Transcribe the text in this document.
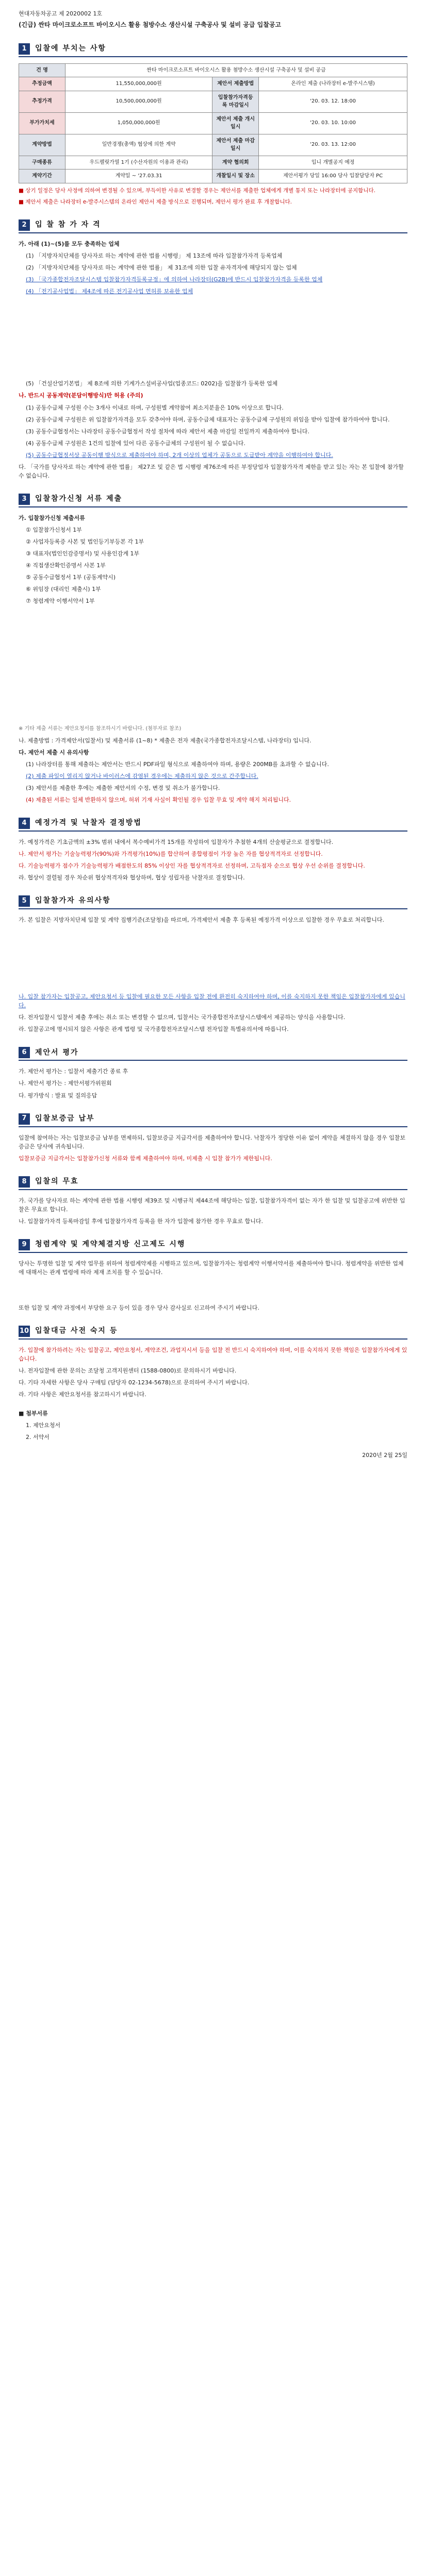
현대자동차공고 제 2020002 1호
(긴급) 싼타 마이크로소프트 바이오시스 활용 첨방수소 생산시설 구축공사 및 설비 공급 입찰공고
1	입찰에 부치는 사항
건 명	싼타 마이크로소프트 바이오시스 활용 첨방수소 생산시설 구축공사 및 설비 공급		
추정금액	11,550,000,000원	제안서 제출방법	온라인 제출 (나라장터 e-발주시스템)
추정가격	10,500,000,000원	입찰참가자격등록 마감일시	'20. 03. 12. 18:00
부가가치세	1,050,000,000원	제안서 제출 개시일시	'20. 03. 10. 10:00
계약방법	일반경쟁(총액) 협상에 의한 계약	제안서 제출 마감일시	'20. 03. 13. 12:00
구매종류	우드펠릿가열 1기 (수산자원의 이용과 관리)	계약 협의회	입니 개별공지 예정
계약기간	계약일 ~ '27.03.31	개찰일시 및 장소	제안서평가 당일 16:00 당사 입찰담당자 PC
■ 상기 일정은 당사 사정에 의하여 변경될 수 있으며, 부득이한 사유로 변경할 경우는 제안서를 제출한 업체에게 개별 통지 또는 나라장터에 공지합니다.
■ 제안서 제출은 나라장터 e-발주시스템의 온라인 제안서 제출 방식으로 진행되며, 제안서 평가 완료 후 개찰합니다.
2	입 찰 참 가 자 격
가. 아래 (1)~(5)를 모두 충족하는 업체
(1) 「지방자치단체를 당사자로 하는 계약에 관한 법률 시행령」 제 13조에 따라 입찰참가자격 등록업체
(2) 「지방자치단체를 당사자로 하는 계약에 관한 법률」 제 31조에 의한 입찰 유자격자에 해당되지 않는 업체
(3) 「국가종합전자조달시스템 입찰참가자격등록규정」에 의하여 나라장터(G2B)에 반드시 입찰참가자격을 등록한 업체
(4) 「전기공사업법」 제4조에 따른 전기공사업 면허를 보유한 업체
(5) 「건설산업기본법」 제 8조에 의한 기계가스설비공사업(업종코드: 0202)을 입찰참가 등록한 업체
나. 반드시 공동계약(분담이행방식)만 허용 (주의)
(1) 공동수급체 구성원 수는 3개사 이내로 하며, 구성원별 계약참여 최소지분율은 10% 이상으로 합니다.
(2) 공동수급체 구성원은 위 입찰참가자격을 모두 갖추어야 하며, 공동수급체 대표자는 공동수급체 구성원의 위임을 받아 입찰에 참가하여야 합니다.
(3) 공동수급협정서는 나라장터 공동수급협정서 작성 절차에 따라 제안서 제출 마감일 전일까지 제출하여야 합니다.
(4) 공동수급체 구성원은 1건의 입찰에 있어 다른 공동수급체의 구성원이 될 수 없습니다.
(5) 공동수급협정서상 공동이행 방식으로 제출하여야 하며, 2개 이상의 업체가 공동으로 도급받아 계약을 이행하여야 합니다.
다. 「국가를 당사자로 하는 계약에 관한 법률」 제27조 및 같은 법 시행령 제76조에 따른 부정당업자 입찰참가자격 제한을 받고 있는 자는 본 입찰에 참가할 수 없습니다.
3	입찰참가신청 서류 제출
가. 입찰참가신청 제출서류
① 입찰참가신청서 1부
② 사업자등록증 사본 및 법인등기부등본 각 1부
③ 대표자(법인인감증명서) 및 사용인감계 1부
④ 직접생산확인증명서 사본 1부
⑤ 공동수급협정서 1부 (공동계약시)
⑥ 위임장 (대리인 제출시) 1부
⑦ 청렴계약 이행서약서 1부
※ 기타 제출 서류는 제안요청서를 참조하시기 바랍니다. (첨부자료 참조)
나. 제출방법 : 가격제안서(입찰서) 및 제출서류 (1~8) * 제출은 전자 제출(국가종합전자조달시스템, 나라장터) 입니다.
다. 제안서 제출 시 유의사항
(1) 나라장터를 통해 제출하는 제안서는 반드시 PDF파일 형식으로 제출하여야 하며, 용량은 200MB를 초과할 수 없습니다.
(2) 제출 파일이 열리지 않거나 바이러스에 감염된 경우에는 제출하지 않은 것으로 간주합니다.
(3) 제안서를 제출한 후에는 제출한 제안서의 수정, 변경 및 취소가 불가합니다.
(4) 제출된 서류는 일체 반환하지 않으며, 허위 기재 사실이 확인될 경우 입찰 무효 및 계약 해지 처리됩니다.
4	예정가격 및 낙찰자 결정방법
가. 예정가격은 기초금액의 ±3% 범위 내에서 복수예비가격 15개를 작성하여 입찰자가 추첨한 4개의 산술평균으로 결정합니다.
나. 제안서 평가는 기술능력평가(90%)와 가격평가(10%)를 합산하여 종합평점이 가장 높은 자를 협상적격자로 선정합니다.
다. 기술능력평가 점수가 기술능력평가 배점한도의 85% 이상인 자를 협상적격자로 선정하며, 고득점자 순으로 협상 우선 순위를 결정합니다.
라. 협상이 결렬될 경우 차순위 협상적격자와 협상하며, 협상 성립자를 낙찰자로 결정합니다.
5	입찰참가자 유의사항
가. 본 입찰은 지방자치단체 입찰 및 계약 집행기준(조달청)을 따르며, 가격제안서 제출 후 등록된 예정가격 이상으로 입찰한 경우 무효로 처리합니다.
나. 입찰 참가자는 입찰공고, 제안요청서 등 입찰에 필요한 모든 사항을 입찰 전에 완전히 숙지하여야 하며, 이를 숙지하지 못한 책임은 입찰참가자에게 있습니다.
다. 전자입찰시 입찰서 제출 후에는 취소 또는 변경할 수 없으며, 입찰서는 국가종합전자조달시스템에서 제공하는 양식을 사용합니다.
라. 입찰공고에 명시되지 않은 사항은 관계 법령 및 국가종합전자조달시스템 전자입찰 특별유의서에 따릅니다.
6	제안서 평가
가. 제안서 평가는 : 입찰서 제출기간 종료 후
나. 제안서 평가는 : 제안서평가위원회
다. 평가방식 : 발표 및 질의응답
7	입찰보증금 납부
입찰에 참여하는 자는 입찰보증금 납부를 면제하되, 입찰보증금 지급각서를 제출하여야 합니다. 낙찰자가 정당한 이유 없이 계약을 체결하지 않을 경우 입찰보증금은 당사에 귀속됩니다.
입찰보증금 지급각서는 입찰참가신청 서류와 함께 제출하여야 하며, 미제출 시 입찰 참가가 제한됩니다.
8	입찰의 무효
가. 국가를 당사자로 하는 계약에 관한 법률 시행령 제39조 및 시행규칙 제44조에 해당하는 입찰, 입찰참가자격이 없는 자가 한 입찰 및 입찰공고에 위반한 입찰은 무효로 합니다.
나. 입찰참가자격 등록마감일 후에 입찰참가자격 등록을 한 자가 입찰에 참가한 경우 무효로 합니다.
9	청렴계약 및 계약체결지방 신고제도 시행
당사는 투명한 입찰 및 계약 업무를 위하여 청렴계약제를 시행하고 있으며, 입찰참가자는 청렴계약 이행서약서를 제출하여야 합니다. 청렴계약을 위반한 업체에 대해서는 관계 법령에 따라 제재 조치를 할 수 있습니다.
또한 입찰 및 계약 과정에서 부당한 요구 등이 있을 경우 당사 감사실로 신고하여 주시기 바랍니다.
10 입찰대금 사전 숙지 등
가. 입찰에 참가하려는 자는 입찰공고, 제안요청서, 계약조건, 과업지시서 등을 입찰 전 반드시 숙지하여야 하며, 이를 숙지하지 못한 책임은 입찰참가자에게 있습니다.
나. 전자입찰에 관한 문의는 조달청 고객지원센터 (1588-0800)로 문의하시기 바랍니다.
다. 기타 자세한 사항은 당사 구매팀 (담당자 02-1234-5678)으로 문의하여 주시기 바랍니다.
라. 기타 사항은 제안요청서를 참고하시기 바랍니다.
■ 첨부서류
1. 제안요청서
2. 서약서
2020년 2월 25일
